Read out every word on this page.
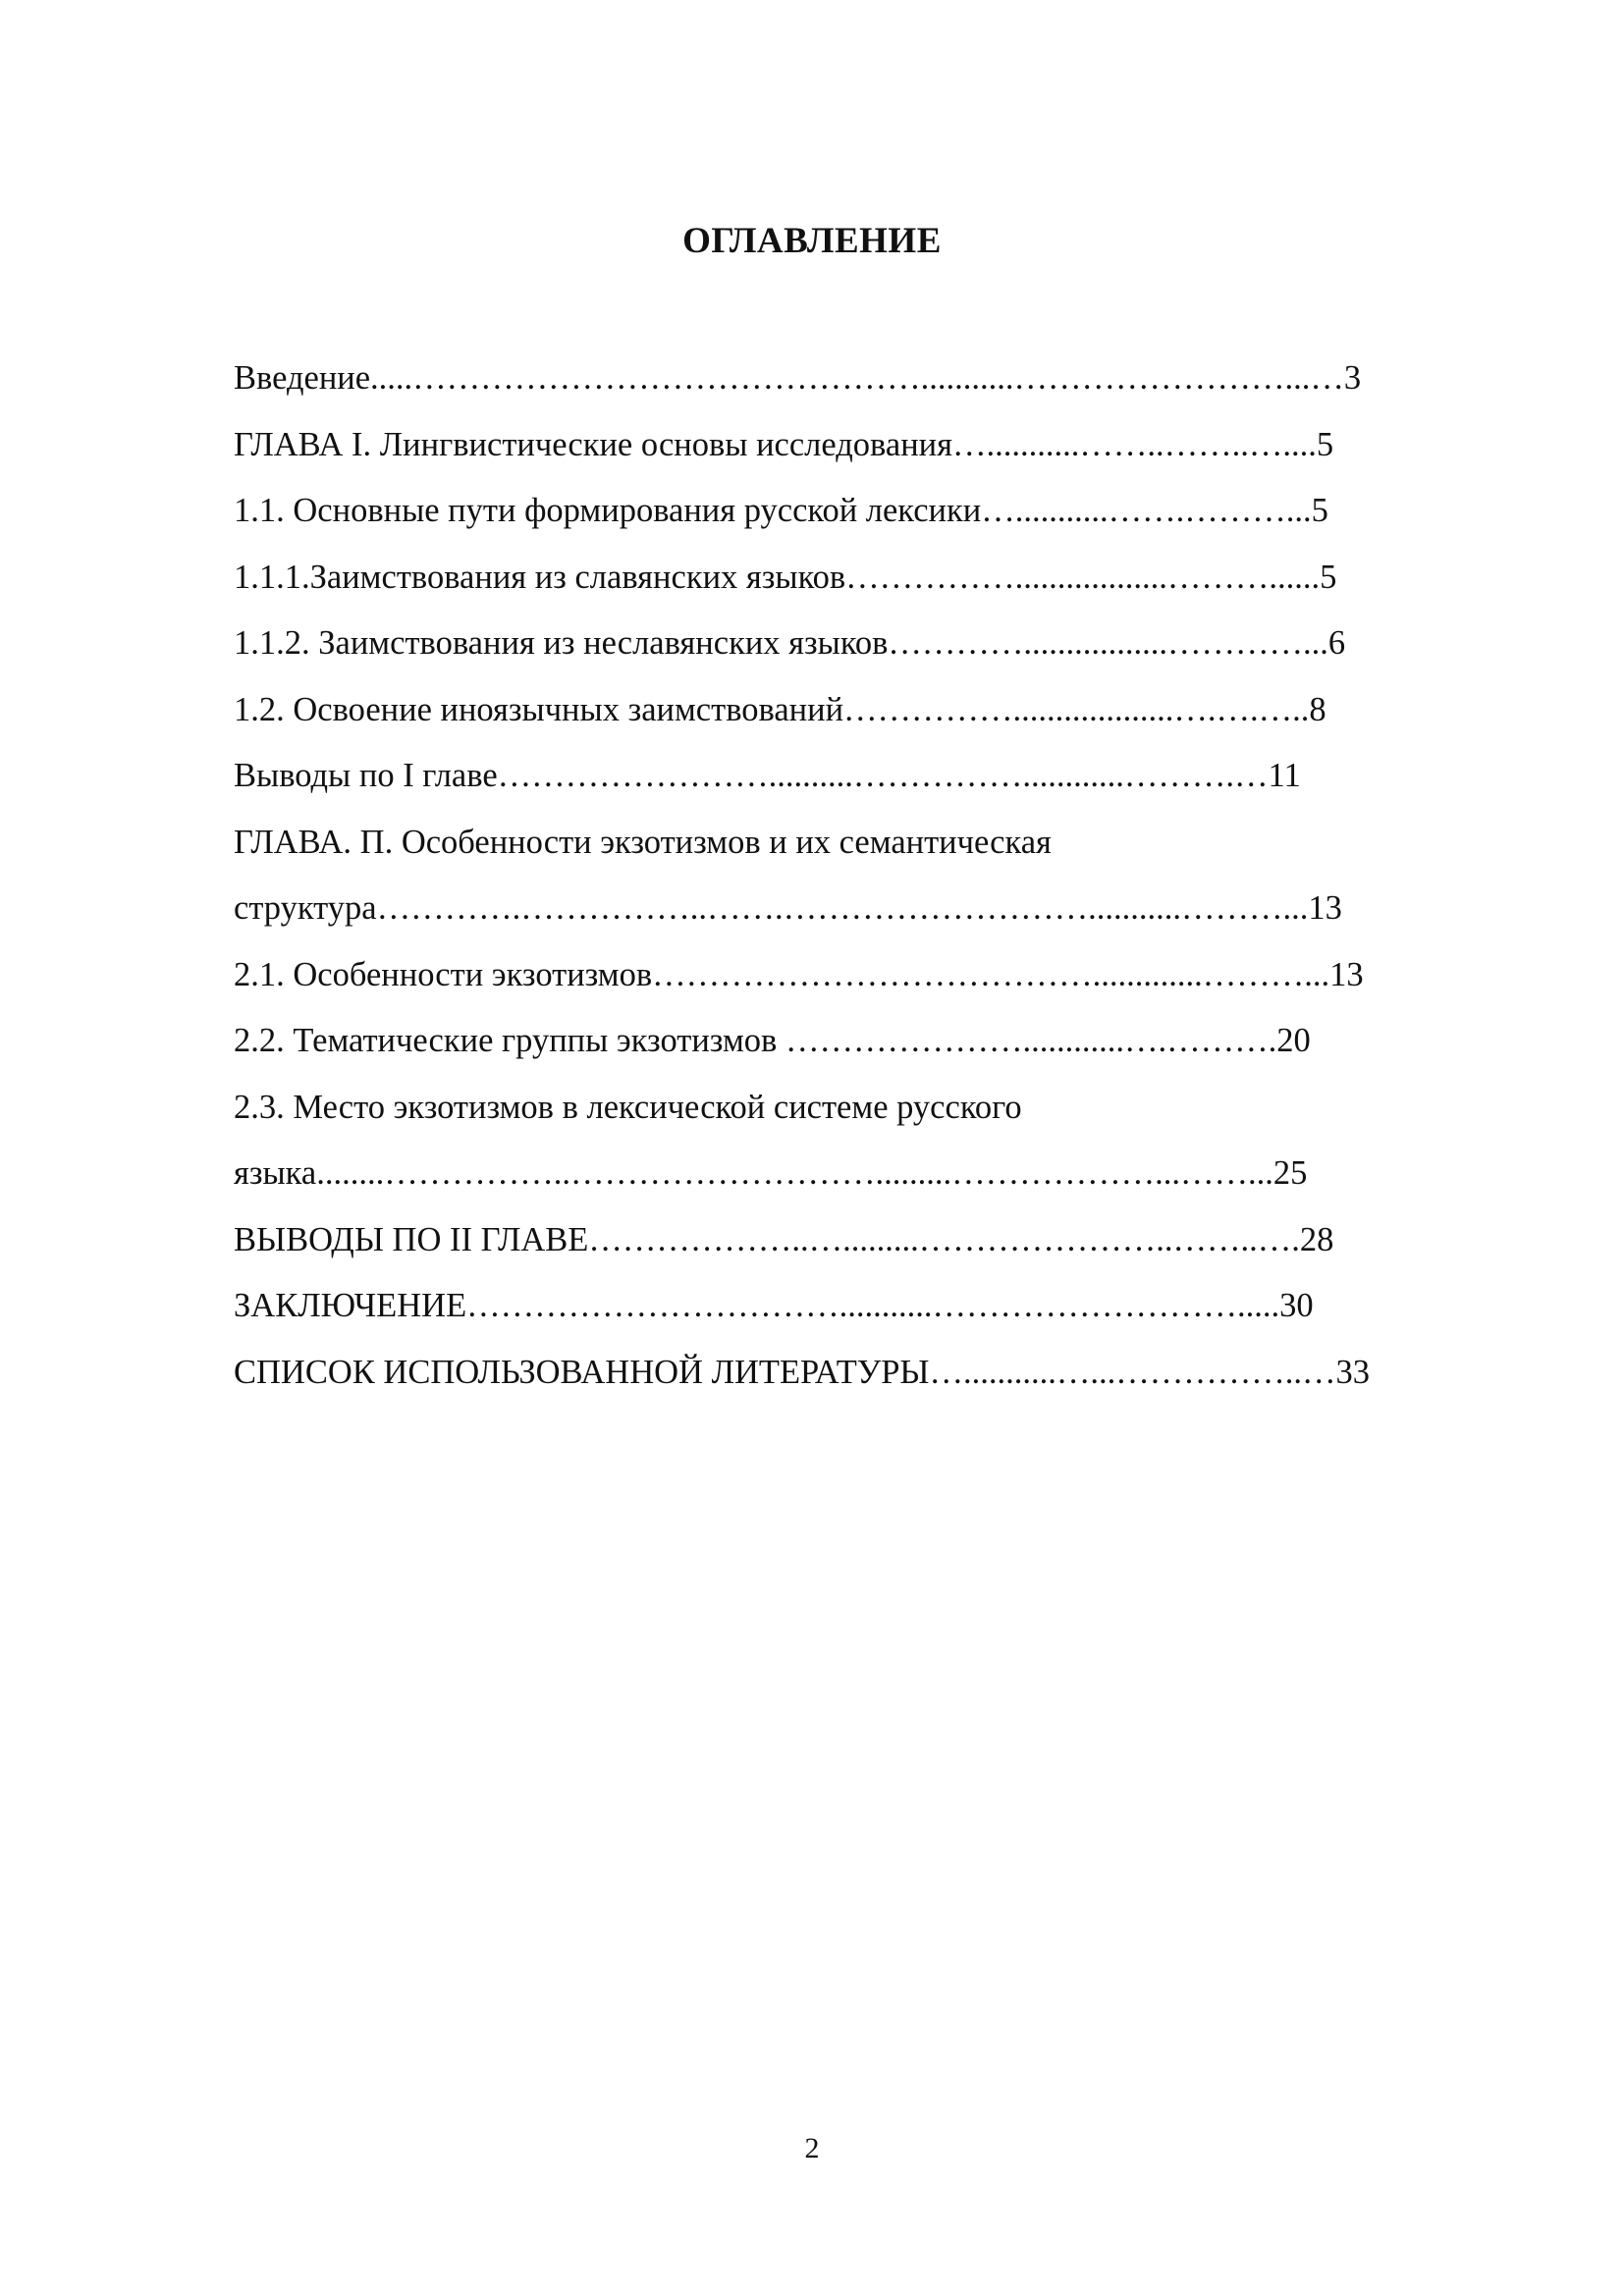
ОГЛАВЛЕНИЕ
Введение.....………………………………………...........……………………...…3
ГЛАВА I. Лингвистические основы исследования…...........……..……..…....5
1.1. Основные пути формирования русской лексики…...........…….………...5
1.1.1.Заимствования из славянских языков……………..................………......5
1.1.2. Заимствования из неславянских языков………….................…………...6
1.2. Освоение иноязычных заимствований……………...................….….…..8
Выводы по I главе……………………..........……………............……….…11
ГЛАВА. П. Особенности экзотизмов и их семантическая
структура………….……………..…….………………………...........………...13
2.1. Особенности экзотизмов………………………………….............………...13
2.2. Тематические группы экзотизмов …………………............….……….20
2.3. Место экзотизмов в лексической системе русского
языка........……………..……………………….........………………...……...25
ВЫВОДЫ ПО II ГЛАВЕ………………..….........…………………..……..….28
ЗАКЛЮЧЕНИЕ……………………………...........……………………….....30
СПИСОК ИСПОЛЬЗОВАННОЙ ЛИТЕРАТУРЫ…...........…...……………..…33
2
